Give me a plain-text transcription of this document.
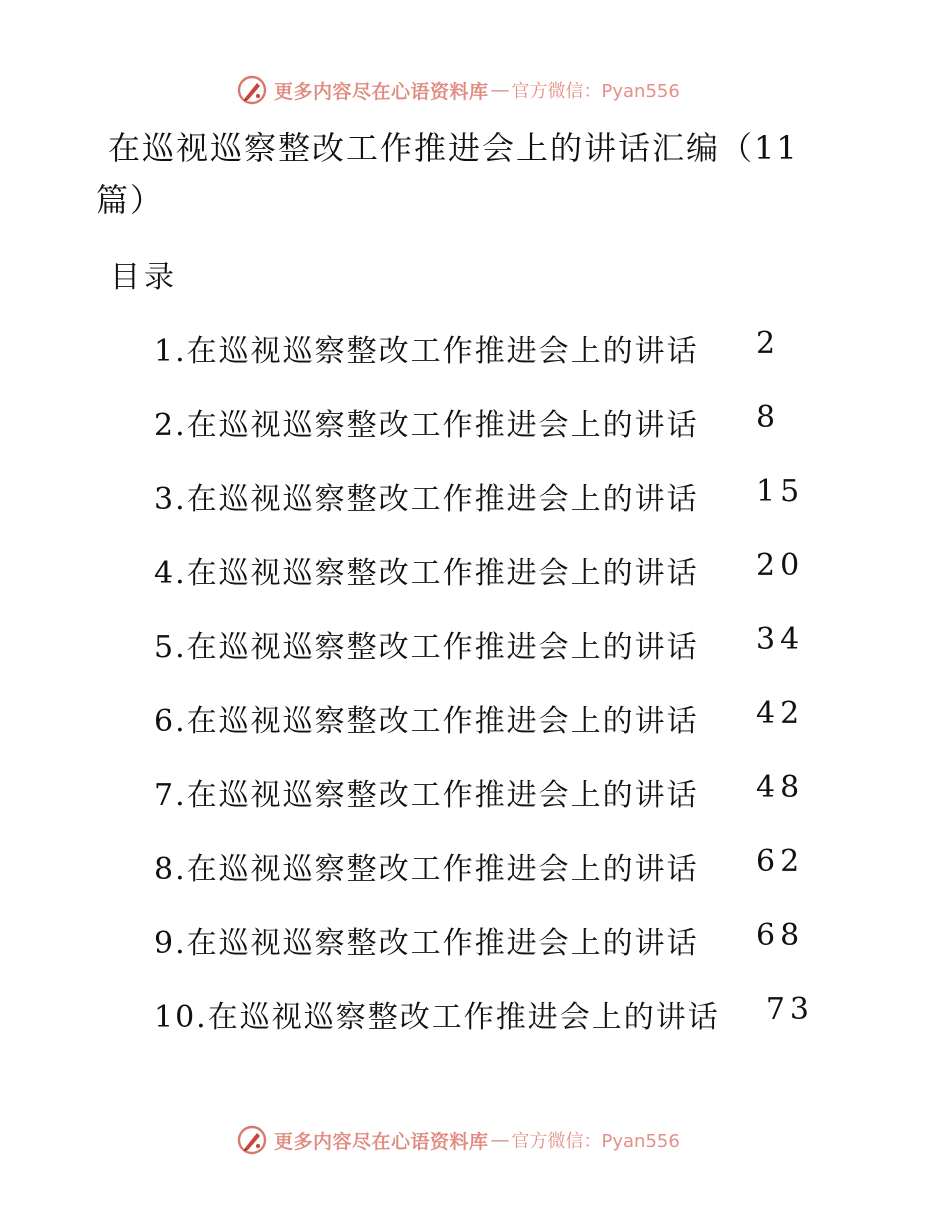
更多内容尽在心语资料库 — 官方微信：Pyan556
在巡视巡察整改工作推进会上的讲话汇编（11篇）
目录
1.在巡视巡察整改工作推进会上的讲话	2
2.在巡视巡察整改工作推进会上的讲话	8
3.在巡视巡察整改工作推进会上的讲话	15
4.在巡视巡察整改工作推进会上的讲话	20
5.在巡视巡察整改工作推进会上的讲话	34
6.在巡视巡察整改工作推进会上的讲话	42
7.在巡视巡察整改工作推进会上的讲话	48
8.在巡视巡察整改工作推进会上的讲话	62
9.在巡视巡察整改工作推进会上的讲话	68
10.在巡视巡察整改工作推进会上的讲话	73
更多内容尽在心语资料库 — 官方微信：Pyan556
